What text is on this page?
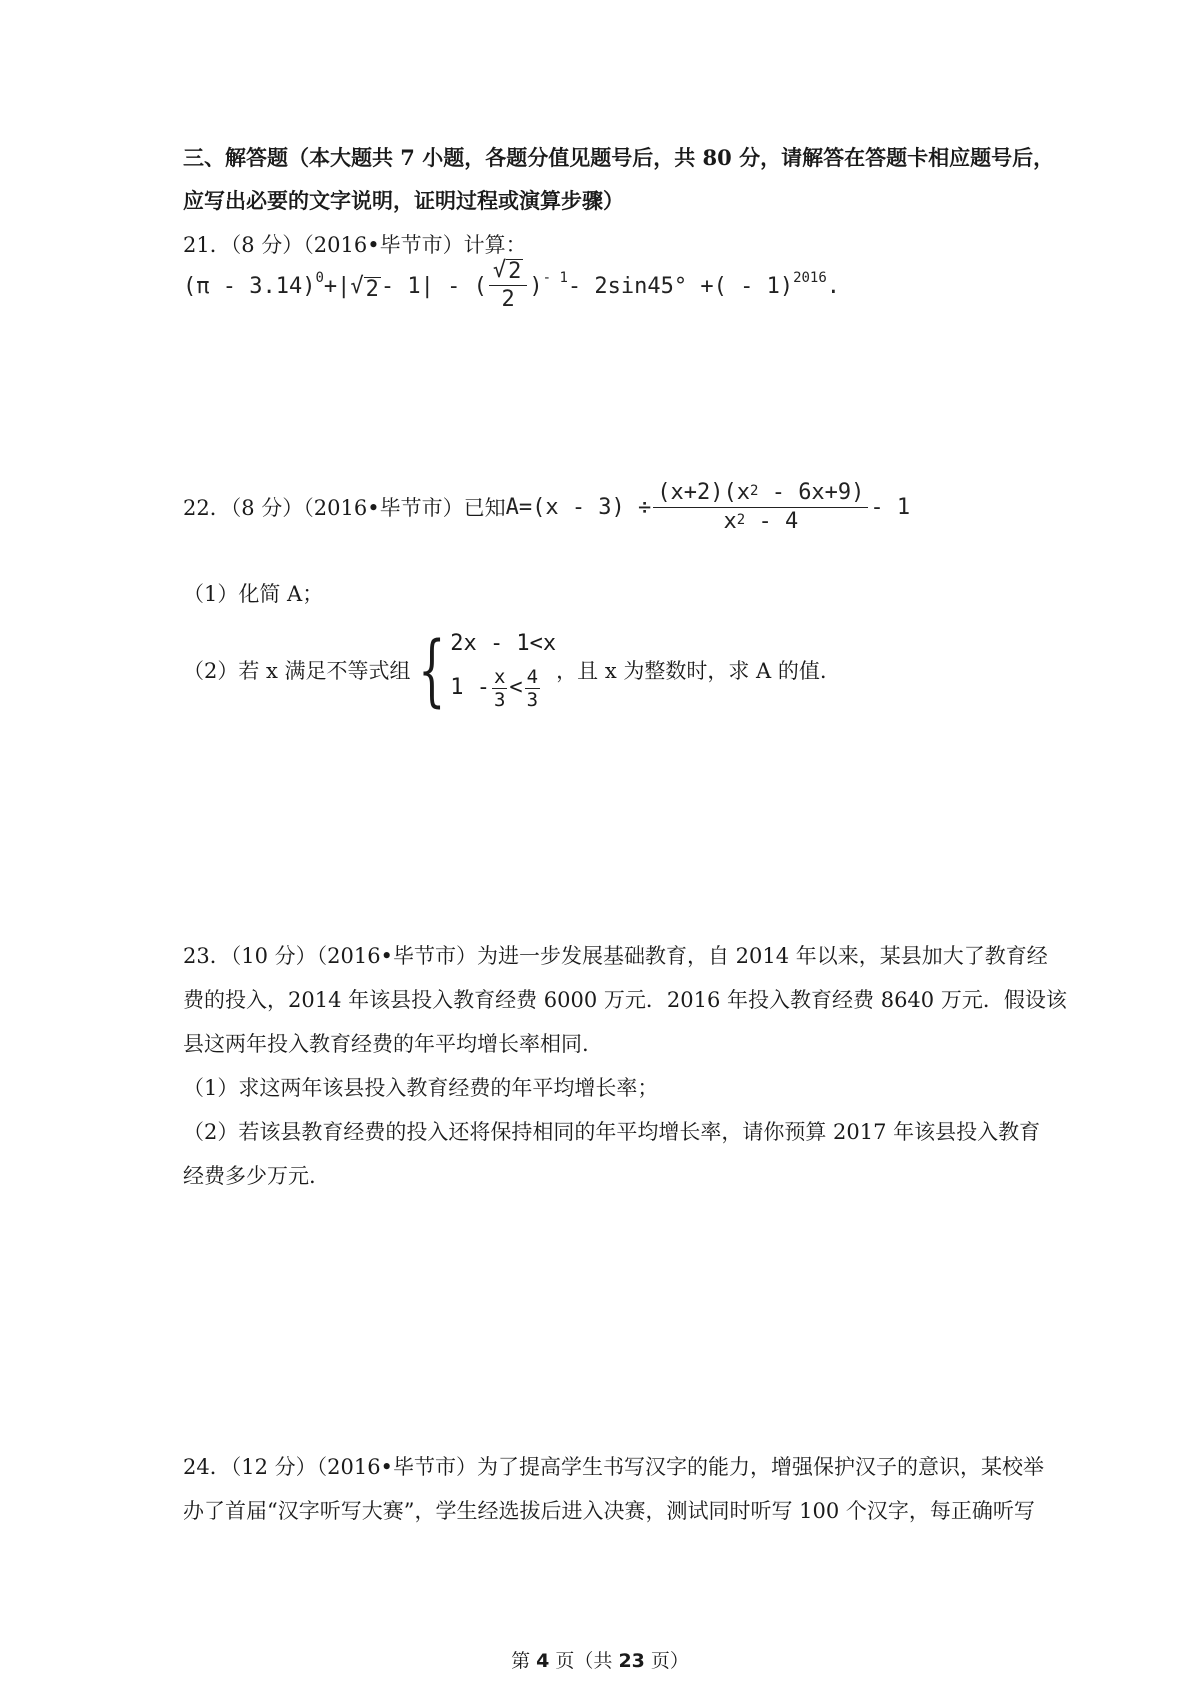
三、解答题（本大题共 7 小题，各题分值见题号后，共 80 分，请解答在答题卡相应题号后，
应写出必要的文字说明，证明过程或演算步骤）
21．（8 分）（2016•毕节市）计算：
(π - 3.14)$^0$ +| √ 2 - 1| - ( $\frac{√ 2}{2}$ ) $^{- 1}$ - 2sin45° +( - 1)$^{2016}$ .
22．（8 分）（2016•毕节市）已知 $A=(x - 3) \div \frac{(x+2)(x^2 - 6x+9)}{x^2 - 4} - 1$
（1）化简 A；
（2）若 x 满足不等式组 { 2x - 1<x
$1 - \frac{x}{3} < \frac{4}{3}$ ，且 x 为整数时，求 A 的值.
23．（10 分）（2016•毕节市）为进一步发展基础教育，自 2014 年以来，某县加大了教育经
费的投入，2014 年该县投入教育经费 6000 万元．2016 年投入教育经费 8640 万元．假设该
县这两年投入教育经费的年平均增长率相同.
（1）求这两年该县投入教育经费的年平均增长率；
（2）若该县教育经费的投入还将保持相同的年平均增长率，请你预算 2017 年该县投入教育
经费多少万元.
24．（12 分）（2016•毕节市）为了提高学生书写汉字的能力，增强保护汉子的意识，某校举
办了首届“汉字听写大赛”，学生经选拔后进入决赛，测试同时听写 100 个汉字，每正确听写
第 4 页（共 23 页）
